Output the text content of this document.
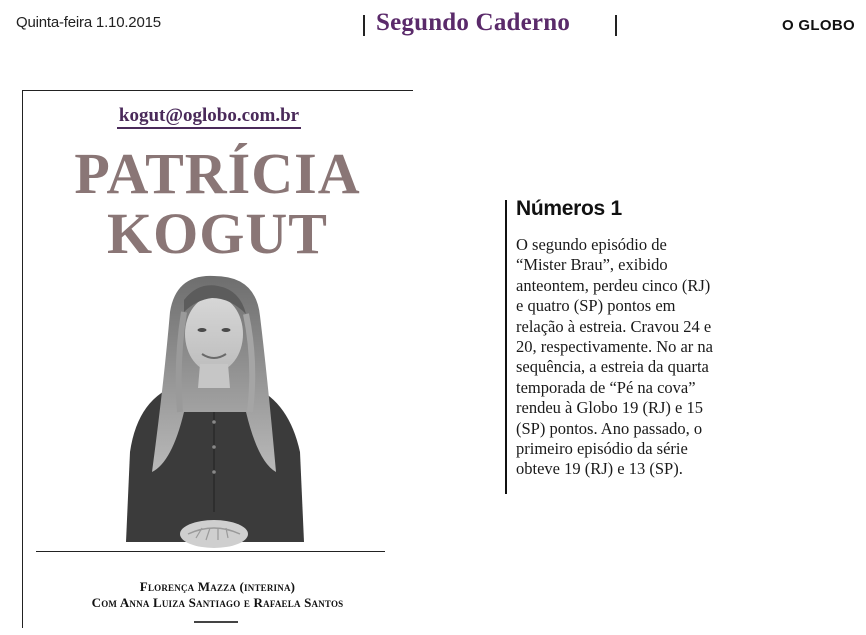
Quinta-feira 1.10.2015	Segundo Caderno	O GLOBO
kogut@oglobo.com.br
PATRÍCIA
KOGUT
Florença Mazza (interina)
Com Anna Luiza Santiago e Rafaela Santos
Números 1
O segundo episódio de
“Mister Brau”, exibido
anteontem, perdeu cinco (RJ)
e quatro (SP) pontos em
relação à estreia. Cravou 24 e
20, respectivamente. No ar na
sequência, a estreia da quarta
temporada de “Pé na cova”
rendeu à Globo 19 (RJ) e 15
(SP) pontos. Ano passado, o
primeiro episódio da série
obteve 19 (RJ) e 13 (SP).
